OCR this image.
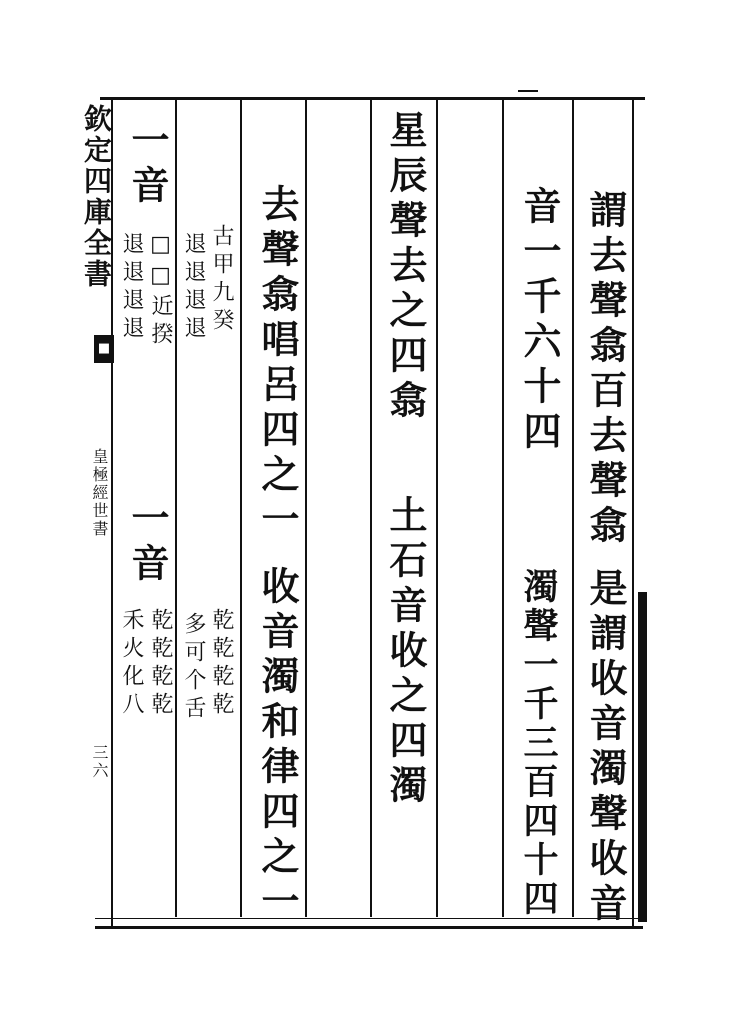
欽定四庫全書
■
皇極經世書
三六
謂去聲翕百去聲翕
是謂收音濁聲收音
音一千六十四
濁聲一千三百四十四
星辰聲去之四翕
土石音收之四濁
去聲翕唱呂四之一
收音濁和律四之一
古甲九癸
乾乾乾乾
退退退退
多可个舌
□□近揆
乾乾乾乾
退退退退
禾火化八
一音
一音
